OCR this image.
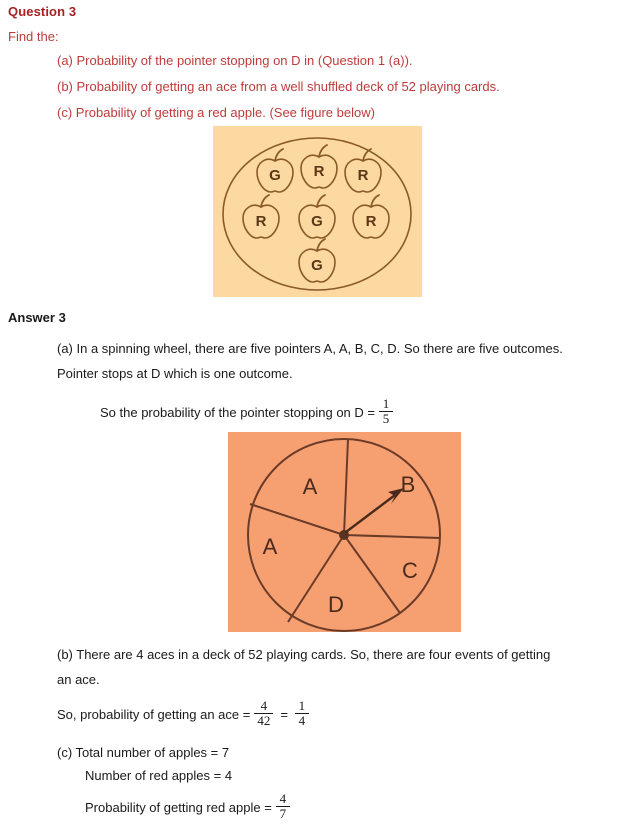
Question 3
Find the:
(a) Probability of the pointer stopping on D in (Question 1 (a)).
(b) Probability of getting an ace from a well shuffled deck of 52 playing cards.
(c) Probability of getting a red apple. (See figure below)
G R R
R	G	R
G
Answer 3
(a) In a spinning wheel, there are five pointers A, A, B, C, D. So there are five outcomes.
Pointer stops at D which is one outcome.
So the probability of the pointer stopping on $D = \frac{1}{5}$
A	B
A
C
D
(b) There are 4 aces in a deck of 52 playing cards. So, there are four events of getting
an ace.
So, probability of getting an ace = $\frac{4}{42} = \frac{1}{4}$
(c) Total number of apples = 7
Number of red apples = 4
Probability of getting red apple = $\frac{4}{7}$
